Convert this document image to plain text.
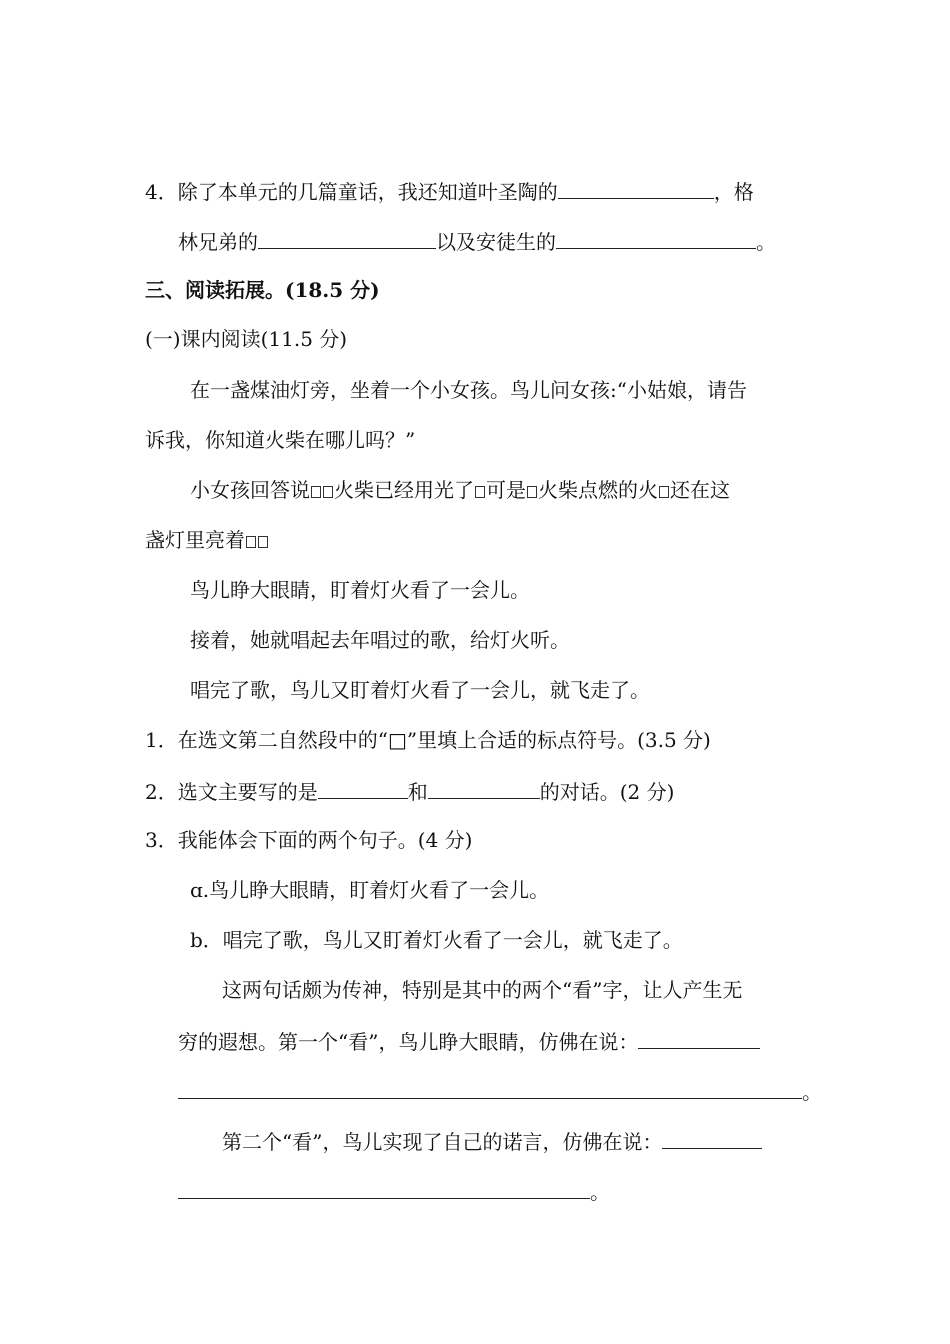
4．除了本单元的几篇童话，我还知道叶圣陶的	，格
林兄弟的	以及安徒生的	。
三、阅读拓展。(18.5 分)
(一)课内阅读(11.5 分)
在一盏煤油灯旁，坐着一个小女孩。鸟儿问女孩:“小姑娘，请告
诉我，你知道火柴在哪儿吗？”
小女孩回答说 火柴已经用光了 可是 火柴点燃的火 还在这
盏灯里亮着
鸟儿睁大眼睛，盯着灯火看了一会儿。
接着，她就唱起去年唱过的歌，给灯火听。
唱完了歌，鸟儿又盯着灯火看了一会儿，就飞走了。
1．在选文第二自然段中的“□”里填上合适的标点符号。(3.5 分)
2．选文主要写的是	和	的对话。(2 分)
3．我能体会下面的两个句子。(4 分)
ɑ.鸟儿睁大眼睛，盯着灯火看了一会儿。
b．唱完了歌，鸟儿又盯着灯火看了一会儿，就飞走了。
这两句话颇为传神，特别是其中的两个“看”字，让人产生无
穷的遐想。第一个“看”，鸟儿睁大眼睛，仿佛在说：
。
第二个“看”，鸟儿实现了自己的诺言，仿佛在说：
。
